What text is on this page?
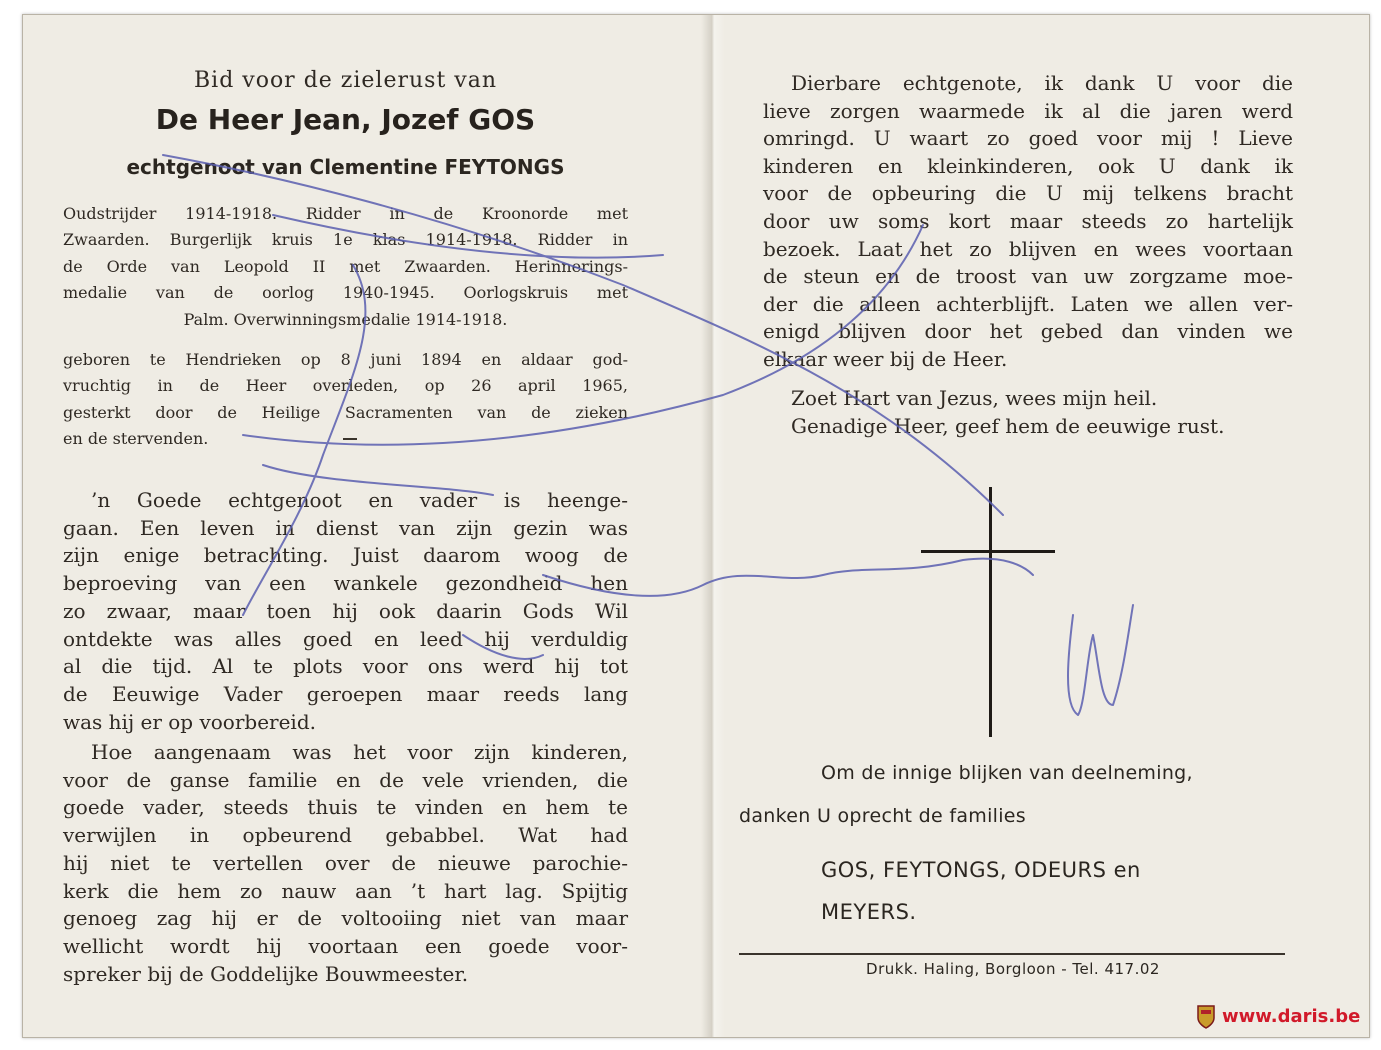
Bid voor de zielerust van
De Heer Jean, Jozef GOS
echtgenoot van Clementine FEYTONGS
Oudstrijder 1914-1918. Ridder in de Kroonorde met
Zwaarden. Burgerlijk kruis 1e klas 1914-1918. Ridder in
de Orde van Leopold II met Zwaarden. Herinnerings-
medalie van de oorlog 1940-1945. Oorlogskruis met
Palm. Overwinningsmedalie 1914-1918.
geboren te Hendrieken op 8 juni 1894 en aldaar god-
vruchtig in de Heer overleden, op 26 april 1965,
gesterkt door de Heilige Sacramenten van de zieken
en de stervenden.
’n Goede echtgenoot en vader is heenge-
gaan. Een leven in dienst van zijn gezin was
zijn enige betrachting. Juist daarom woog de
beproeving van een wankele gezondheid hen
zo zwaar, maar toen hij ook daarin Gods Wil
ontdekte was alles goed en leed hij verduldig
al die tijd. Al te plots voor ons werd hij tot
de Eeuwige Vader geroepen maar reeds lang
was hij er op voorbereid.
Hoe aangenaam was het voor zijn kinderen,
voor de ganse familie en de vele vrienden, die
goede vader, steeds thuis te vinden en hem te
verwijlen in opbeurend gebabbel. Wat had
hij niet te vertellen over de nieuwe parochie-
kerk die hem zo nauw aan ’t hart lag. Spijtig
genoeg zag hij er de voltooiing niet van maar
wellicht wordt hij voortaan een goede voor-
spreker bij de Goddelijke Bouwmeester.
Dierbare echtgenote, ik dank U voor die
lieve zorgen waarmede ik al die jaren werd
omringd. U waart zo goed voor mij ! Lieve
kinderen en kleinkinderen, ook U dank ik
voor de opbeuring die U mij telkens bracht
door uw soms kort maar steeds zo hartelijk
bezoek. Laat het zo blijven en wees voortaan
de steun en de troost van uw zorgzame moe-
der die alleen achterblijft. Laten we allen ver-
enigd blijven door het gebed dan vinden we
elkaar weer bij de Heer.
Zoet Hart van Jezus, wees mijn heil.
Genadige Heer, geef hem de eeuwige rust.
Om de innige blijken van deelneming,
danken U oprecht de families
GOS, FEYTONGS, ODEURS en
MEYERS.
Drukk. Haling, Borgloon - Tel. 417.02
www.daris.be
